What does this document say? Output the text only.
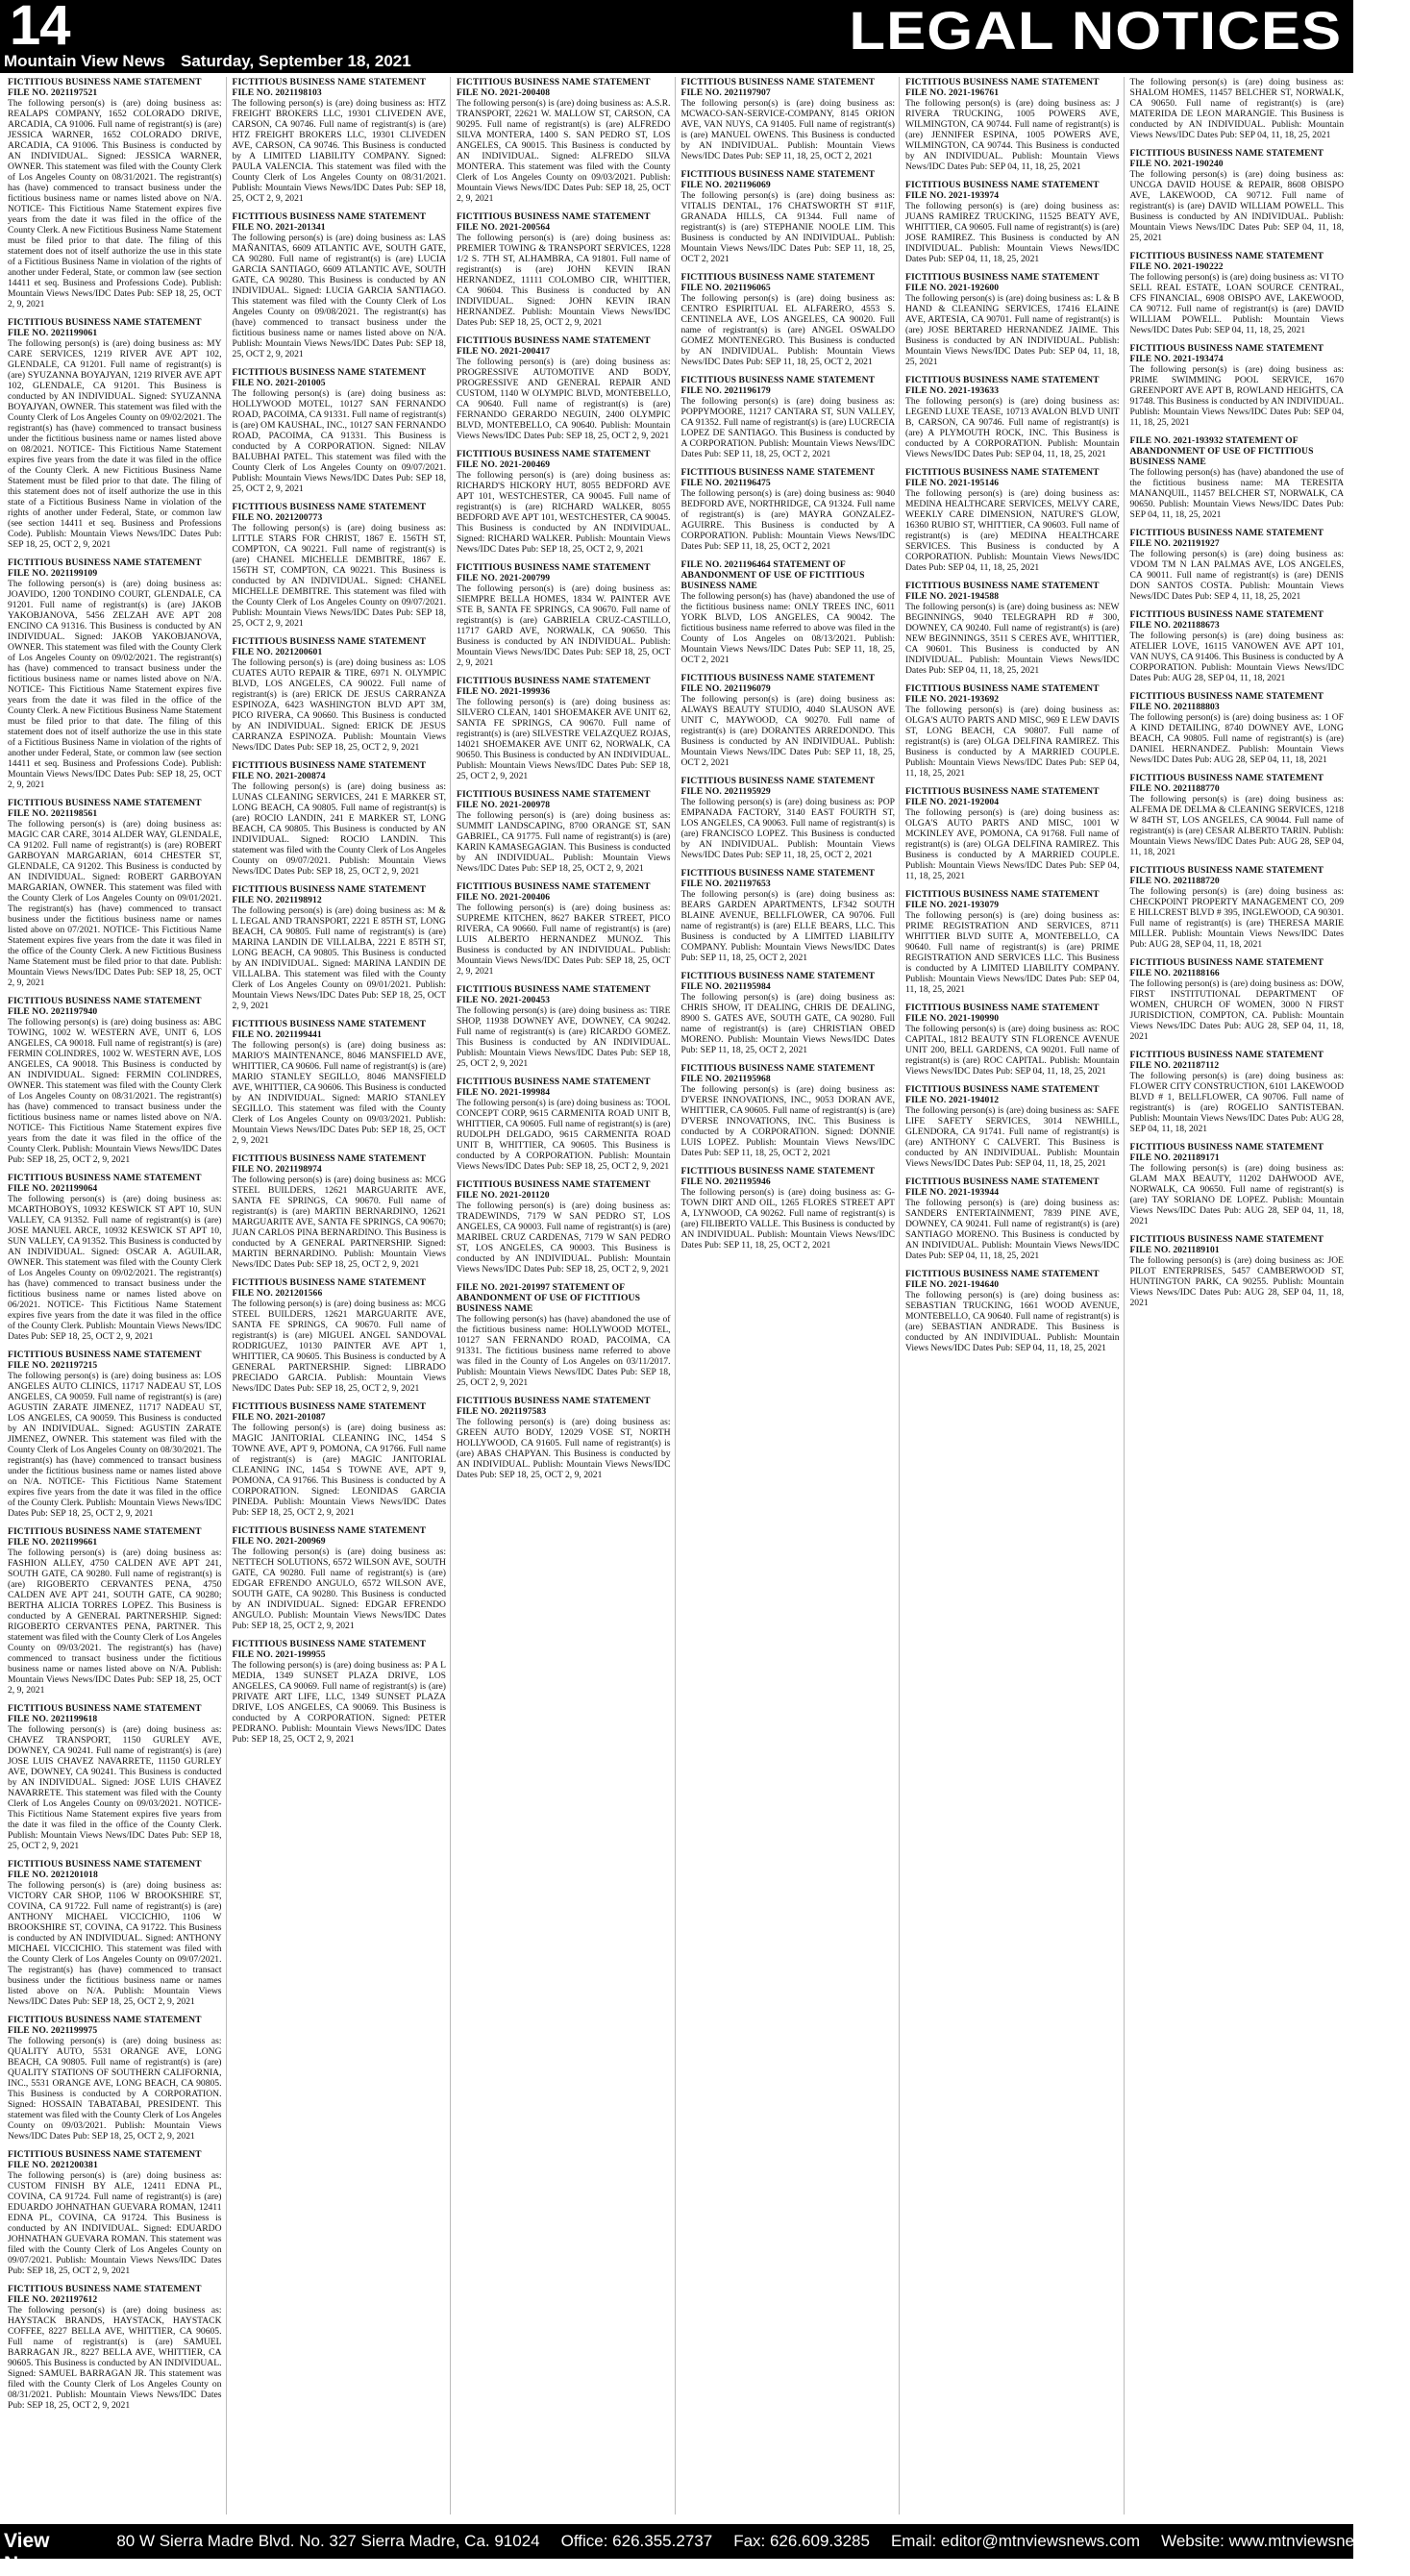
14	LEGAL NOTICES
Mountain View News Saturday, September 18, 2021
FICTITIOUS BUSINESS NAME STATEMENT FILE NO. 2021197521
The following person(s) is (are) doing business as: REALAPS COMPANY, 1652 COLORADO DRIVE, ARCADIA, CA 91006. Full name of registrant(s) is (are) JESSICA WARNER, 1652 COLORADO DRIVE, ARCADIA, CA 91006. This Business is conducted by AN INDIVIDUAL. Signed: JESSICA WARNER, OWNER. This statement was filed with the County Clerk of Los Angeles County on 08/31/2021. The registrant(s) has (have) commenced to transact business under the fictitious business name or names listed above on N/A. NOTICE- This Fictitious Name Statement expires five years from the date it was filed in the office of the County Clerk. A new Fictitious Business Name Statement must be filed prior to that date. The filing of this statement does not of itself authorize the use in this state of a Fictitious Business Name in violation of the rights of another under Federal, State, or common law (see section 14411 et seq. Business and Professions Code). Publish: Mountain Views News/IDC Dates Pub: SEP 18, 25, OCT 2, 9, 2021
FICTITIOUS BUSINESS NAME STATEMENT FILE NO. 2021199061
The following person(s) is (are) doing business as: MY CARE SERVICES, 1219 RIVER AVE APT 102, GLENDALE, CA 91201. Full name of registrant(s) is (are) SYUZANNA BOYAJYAN, 1219 RIVER AVE APT 102, GLENDALE, CA 91201. This Business is conducted by AN INDIVIDUAL. Signed: SYUZANNA BOYAJYAN, OWNER. This statement was filed with the County Clerk of Los Angeles County on 09/02/2021. The registrant(s) has (have) commenced to transact business under the fictitious business name or names listed above on 08/2021. NOTICE- This Fictitious Name Statement expires five years from the date it was filed in the office of the County Clerk. A new Fictitious Business Name Statement must be filed prior to that date. The filing of this statement does not of itself authorize the use in this state of a Fictitious Business Name in violation of the rights of another under Federal, State, or common law (see section 14411 et seq. Business and Professions Code). Publish: Mountain Views News/IDC Dates Pub: SEP 18, 25, OCT 2, 9, 2021
FICTITIOUS BUSINESS NAME STATEMENT FILE NO. 2021199109
The following person(s) is (are) doing business as: JOAVIDO, 1200 TONDINO COURT, GLENDALE, CA 91201. Full name of registrant(s) is (are) JAKOB YAKOBJANOVA, 5456 ZELZAH AVE APT 208 ENCINO CA 91316. This Business is conducted by AN INDIVIDUAL. Signed: JAKOB YAKOBJANOVA, OWNER. This statement was filed with the County Clerk of Los Angeles County on 09/02/2021. The registrant(s) has (have) commenced to transact business under the fictitious business name or names listed above on N/A. NOTICE- This Fictitious Name Statement expires five years from the date it was filed in the office of the County Clerk. A new Fictitious Business Name Statement must be filed prior to that date. The filing of this statement does not of itself authorize the use in this state of a Fictitious Business Name in violation of the rights of another under Federal, State, or common law (see section 14411 et seq. Business and Professions Code). Publish: Mountain Views News/IDC Dates Pub: SEP 18, 25, OCT 2, 9, 2021
FICTITIOUS BUSINESS NAME STATEMENT FILE NO. 2021198561
The following person(s) is (are) doing business as: MAGIC CAR CARE, 3014 ALDER WAY, GLENDALE, CA 91202. Full name of registrant(s) is (are) ROBERT GARBOYAN MARGARIAN, 6014 CHESTER ST, GLENDALE, CA 91202. This Business is conducted by AN INDIVIDUAL. Signed: ROBERT GARBOYAN MARGARIAN, OWNER. This statement was filed with the County Clerk of Los Angeles County on 09/01/2021. The registrant(s) has (have) commenced to transact business under the fictitious business name or names listed above on 07/2021. NOTICE- This Fictitious Name Statement expires five years from the date it was filed in the office of the County Clerk. A new Fictitious Business Name Statement must be filed prior to that date. Publish: Mountain Views News/IDC Dates Pub: SEP 18, 25, OCT 2, 9, 2021
FICTITIOUS BUSINESS NAME STATEMENT FILE NO. 2021197940
The following person(s) is (are) doing business as: ABC TOWING, 1002 W. WESTERN AVE, UNIT 6, LOS ANGELES, CA 90018. Full name of registrant(s) is (are) FERMIN COLINDRES, 1002 W. WESTERN AVE, LOS ANGELES, CA 90018. This Business is conducted by AN INDIVIDUAL. Signed: FERMIN COLINDRES, OWNER. This statement was filed with the County Clerk of Los Angeles County on 08/31/2021. The registrant(s) has (have) commenced to transact business under the fictitious business name or names listed above on N/A. NOTICE- This Fictitious Name Statement expires five years from the date it was filed in the office of the County Clerk. Publish: Mountain Views News/IDC Dates Pub: SEP 18, 25, OCT 2, 9, 2021
FICTITIOUS BUSINESS NAME STATEMENT FILE NO. 2021199064
The following person(s) is (are) doing business as: MCARTHOBOYS, 10932 KESWICK ST APT 10, SUN VALLEY, CA 91352. Full name of registrant(s) is (are) JOSE MANUEL ARCE, 10932 KESWICK ST APT 10, SUN VALLEY, CA 91352. This Business is conducted by AN INDIVIDUAL. Signed: OSCAR A. AGUILAR, OWNER. This statement was filed with the County Clerk of Los Angeles County on 09/02/2021. The registrant(s) has (have) commenced to transact business under the fictitious business name or names listed above on 06/2021. NOTICE- This Fictitious Name Statement expires five years from the date it was filed in the office of the County Clerk. Publish: Mountain Views News/IDC Dates Pub: SEP 18, 25, OCT 2, 9, 2021
FICTITIOUS BUSINESS NAME STATEMENT FILE NO. 2021197215
The following person(s) is (are) doing business as: LOS ANGELES AUTO CLINICS, 11717 NADEAU ST, LOS ANGELES, CA 90059. Full name of registrant(s) is (are) AGUSTIN ZARATE JIMENEZ, 11717 NADEAU ST, LOS ANGELES, CA 90059. This Business is conducted by AN INDIVIDUAL. Signed: AGUSTIN ZARATE JIMENEZ, OWNER. This statement was filed with the County Clerk of Los Angeles County on 08/30/2021. The registrant(s) has (have) commenced to transact business under the fictitious business name or names listed above on N/A. NOTICE- This Fictitious Name Statement expires five years from the date it was filed in the office of the County Clerk. Publish: Mountain Views News/IDC Dates Pub: SEP 18, 25, OCT 2, 9, 2021
FICTITIOUS BUSINESS NAME STATEMENT FILE NO. 2021199661
The following person(s) is (are) doing business as: FASHION ALLEY, 4750 CALDEN AVE APT 241, SOUTH GATE, CA 90280. Full name of registrant(s) is (are) RIGOBERTO CERVANTES PENA, 4750 CALDEN AVE APT 241, SOUTH GATE, CA 90280; BERTHA ALICIA TORRES LOPEZ. This Business is conducted by A GENERAL PARTNERSHIP. Signed: RIGOBERTO CERVANTES PENA, PARTNER. This statement was filed with the County Clerk of Los Angeles County on 09/03/2021. The registrant(s) has (have) commenced to transact business under the fictitious business name or names listed above on N/A. Publish: Mountain Views News/IDC Dates Pub: SEP 18, 25, OCT 2, 9, 2021
FICTITIOUS BUSINESS NAME STATEMENT FILE NO. 2021199618
The following person(s) is (are) doing business as: CHAVEZ TRANSPORT, 1150 GURLEY AVE, DOWNEY, CA 90241. Full name of registrant(s) is (are) JOSE LUIS CHAVEZ NAVARRETE, 11150 GURLEY AVE, DOWNEY, CA 90241. This Business is conducted by AN INDIVIDUAL. Signed: JOSE LUIS CHAVEZ NAVARRETE. This statement was filed with the County Clerk of Los Angeles County on 09/03/2021. NOTICE- This Fictitious Name Statement expires five years from the date it was filed in the office of the County Clerk. Publish: Mountain Views News/IDC Dates Pub: SEP 18, 25, OCT 2, 9, 2021
FICTITIOUS BUSINESS NAME STATEMENT FILE NO. 2021201018
The following person(s) is (are) doing business as: VICTORY CAR SHOP, 1106 W BROOKSHIRE ST, COVINA, CA 91722. Full name of registrant(s) is (are) ANTHONY MICHAEL VICCICHIO, 1106 W BROOKSHIRE ST, COVINA, CA 91722. This Business is conducted by AN INDIVIDUAL. Signed: ANTHONY MICHAEL VICCICHIO. This statement was filed with the County Clerk of Los Angeles County on 09/07/2021. The registrant(s) has (have) commenced to transact business under the fictitious business name or names listed above on N/A. Publish: Mountain Views News/IDC Dates Pub: SEP 18, 25, OCT 2, 9, 2021
FICTITIOUS BUSINESS NAME STATEMENT FILE NO. 2021199975
The following person(s) is (are) doing business as: QUALITY AUTO, 5531 ORANGE AVE, LONG BEACH, CA 90805. Full name of registrant(s) is (are) QUALITY STATIONS OF SOUTHERN CALIFORNIA, INC., 5531 ORANGE AVE, LONG BEACH, CA 90805. This Business is conducted by A CORPORATION. Signed: HOSSAIN TABATABAI, PRESIDENT. This statement was filed with the County Clerk of Los Angeles County on 09/03/2021. Publish: Mountain Views News/IDC Dates Pub: SEP 18, 25, OCT 2, 9, 2021
FICTITIOUS BUSINESS NAME STATEMENT FILE NO. 2021200381
The following person(s) is (are) doing business as: CUSTOM FINISH BY ALE, 12411 EDNA PL, COVINA, CA 91724. Full name of registrant(s) is (are) EDUARDO JOHNATHAN GUEVARA ROMAN, 12411 EDNA PL, COVINA, CA 91724. This Business is conducted by AN INDIVIDUAL. Signed: EDUARDO JOHNATHAN GUEVARA ROMAN. This statement was filed with the County Clerk of Los Angeles County on 09/07/2021. Publish: Mountain Views News/IDC Dates Pub: SEP 18, 25, OCT 2, 9, 2021
FICTITIOUS BUSINESS NAME STATEMENT FILE NO. 2021197612
The following person(s) is (are) doing business as: HAYSTACK BRANDS, HAYSTACK, HAYSTACK COFFEE, 8227 BELLA AVE, WHITTIER, CA 90605. Full name of registrant(s) is (are) SAMUEL BARRAGAN JR., 8227 BELLA AVE, WHITTIER, CA 90605. This Business is conducted by AN INDIVIDUAL. Signed: SAMUEL BARRAGAN JR. This statement was filed with the County Clerk of Los Angeles County on 08/31/2021. Publish: Mountain Views News/IDC Dates Pub: SEP 18, 25, OCT 2, 9, 2021
FICTITIOUS BUSINESS NAME STATEMENT FILE NO. 2021198103
The following person(s) is (are) doing business as: HTZ FREIGHT BROKERS LLC, 19301 CLIVEDEN AVE, CARSON, CA 90746. Full name of registrant(s) is (are) HTZ FREIGHT BROKERS LLC, 19301 CLIVEDEN AVE, CARSON, CA 90746. This Business is conducted by A LIMITED LIABILITY COMPANY. Signed: PAULA VALENCIA. This statement was filed with the County Clerk of Los Angeles County on 08/31/2021. Publish: Mountain Views News/IDC Dates Pub: SEP 18, 25, OCT 2, 9, 2021
FICTITIOUS BUSINESS NAME STATEMENT FILE NO. 2021-201341
The following person(s) is (are) doing business as: LAS MAÑANITAS, 6609 ATLANTIC AVE, SOUTH GATE, CA 90280. Full name of registrant(s) is (are) LUCIA GARCIA SANTIAGO, 6609 ATLANTIC AVE, SOUTH GATE, CA 90280. This Business is conducted by AN INDIVIDUAL. Signed: LUCIA GARCIA SANTIAGO. This statement was filed with the County Clerk of Los Angeles County on 09/08/2021. The registrant(s) has (have) commenced to transact business under the fictitious business name or names listed above on N/A. Publish: Mountain Views News/IDC Dates Pub: SEP 18, 25, OCT 2, 9, 2021
FICTITIOUS BUSINESS NAME STATEMENT FILE NO. 2021-201005
The following person(s) is (are) doing business as: HOLLYWOOD MOTEL, 10127 SAN FERNANDO ROAD, PACOIMA, CA 91331. Full name of registrant(s) is (are) OM KAUSHAL, INC., 10127 SAN FERNANDO ROAD, PACOIMA, CA 91331. This Business is conducted by A CORPORATION. Signed: NILAV BALUBHAI PATEL. This statement was filed with the County Clerk of Los Angeles County on 09/07/2021. Publish: Mountain Views News/IDC Dates Pub: SEP 18, 25, OCT 2, 9, 2021
FICTITIOUS BUSINESS NAME STATEMENT FILE NO. 2021200773
The following person(s) is (are) doing business as: LITTLE STARS FOR CHRIST, 1867 E. 156TH ST, COMPTON, CA 90221. Full name of registrant(s) is (are) CHANEL MICHELLE DEMBITRE, 1867 E. 156TH ST, COMPTON, CA 90221. This Business is conducted by AN INDIVIDUAL. Signed: CHANEL MICHELLE DEMBITRE. This statement was filed with the County Clerk of Los Angeles County on 09/07/2021. Publish: Mountain Views News/IDC Dates Pub: SEP 18, 25, OCT 2, 9, 2021
FICTITIOUS BUSINESS NAME STATEMENT FILE NO. 2021200601
The following person(s) is (are) doing business as: LOS CUATES AUTO REPAIR & TIRE, 6971 N. OLYMPIC BLVD, LOS ANGELES, CA 90022. Full name of registrant(s) is (are) ERICK DE JESUS CARRANZA ESPINOZA, 6423 WASHINGTON BLVD APT 3M, PICO RIVERA, CA 90660. This Business is conducted by AN INDIVIDUAL. Signed: ERICK DE JESUS CARRANZA ESPINOZA. Publish: Mountain Views News/IDC Dates Pub: SEP 18, 25, OCT 2, 9, 2021
FICTITIOUS BUSINESS NAME STATEMENT FILE NO. 2021-200874
The following person(s) is (are) doing business as: LUNAS CLEANING SERVICES, 241 E MARKER ST, LONG BEACH, CA 90805. Full name of registrant(s) is (are) ROCIO LANDIN, 241 E MARKER ST, LONG BEACH, CA 90805. This Business is conducted by AN INDIVIDUAL. Signed: ROCIO LANDIN. This statement was filed with the County Clerk of Los Angeles County on 09/07/2021. Publish: Mountain Views News/IDC Dates Pub: SEP 18, 25, OCT 2, 9, 2021
FICTITIOUS BUSINESS NAME STATEMENT FILE NO. 2021198912
The following person(s) is (are) doing business as: M & L LEGAL AND TRANSPORT, 2221 E 85TH ST, LONG BEACH, CA 90805. Full name of registrant(s) is (are) MARINA LANDIN DE VILLALBA, 2221 E 85TH ST, LONG BEACH, CA 90805. This Business is conducted by AN INDIVIDUAL. Signed: MARINA LANDIN DE VILLALBA. This statement was filed with the County Clerk of Los Angeles County on 09/01/2021. Publish: Mountain Views News/IDC Dates Pub: SEP 18, 25, OCT 2, 9, 2021
FICTITIOUS BUSINESS NAME STATEMENT FILE NO. 2021199441
The following person(s) is (are) doing business as: MARIO'S MAINTENANCE, 8046 MANSFIELD AVE, WHITTIER, CA 90606. Full name of registrant(s) is (are) MARIO STANLEY SEGILLO, 8046 MANSFIELD AVE, WHITTIER, CA 90606. This Business is conducted by AN INDIVIDUAL. Signed: MARIO STANLEY SEGILLO. This statement was filed with the County Clerk of Los Angeles County on 09/03/2021. Publish: Mountain Views News/IDC Dates Pub: SEP 18, 25, OCT 2, 9, 2021
FICTITIOUS BUSINESS NAME STATEMENT FILE NO. 2021198974
The following person(s) is (are) doing business as: MCG STEEL BUILDERS, 12621 MARGUARITE AVE, SANTA FE SPRINGS, CA 90670. Full name of registrant(s) is (are) MARTIN BERNARDINO, 12621 MARGUARITE AVE, SANTA FE SPRINGS, CA 90670; JUAN CARLOS PINA BERNARDINO. This Business is conducted by A GENERAL PARTNERSHIP. Signed: MARTIN BERNARDINO. Publish: Mountain Views News/IDC Dates Pub: SEP 18, 25, OCT 2, 9, 2021
FICTITIOUS BUSINESS NAME STATEMENT FILE NO. 2021201566
The following person(s) is (are) doing business as: MCG STEEL BUILDERS, 12621 MARGUARITE AVE, SANTA FE SPRINGS, CA 90670. Full name of registrant(s) is (are) MIGUEL ANGEL SANDOVAL RODRIGUEZ, 10130 PAINTER AVE APT 1, WHITTIER, CA 90605. This Business is conducted by A GENERAL PARTNERSHIP. Signed: LIBRADO PRECIADO GARCIA. Publish: Mountain Views News/IDC Dates Pub: SEP 18, 25, OCT 2, 9, 2021
FICTITIOUS BUSINESS NAME STATEMENT FILE NO. 2021-201087
The following person(s) is (are) doing business as: MAGIC JANITORIAL CLEANING INC, 1454 S TOWNE AVE, APT 9, POMONA, CA 91766. Full name of registrant(s) is (are) MAGIC JANITORIAL CLEANING INC, 1454 S TOWNE AVE, APT 9, POMONA, CA 91766. This Business is conducted by A CORPORATION. Signed: LEONIDAS GARCIA PINEDA. Publish: Mountain Views News/IDC Dates Pub: SEP 18, 25, OCT 2, 9, 2021
FICTITIOUS BUSINESS NAME STATEMENT FILE NO. 2021-200969
The following person(s) is (are) doing business as: NETTECH SOLUTIONS, 6572 WILSON AVE, SOUTH GATE, CA 90280. Full name of registrant(s) is (are) EDGAR EFRENDO ANGULO, 6572 WILSON AVE, SOUTH GATE, CA 90280. This Business is conducted by AN INDIVIDUAL. Signed: EDGAR EFRENDO ANGULO. Publish: Mountain Views News/IDC Dates Pub: SEP 18, 25, OCT 2, 9, 2021
FICTITIOUS BUSINESS NAME STATEMENT FILE NO. 2021-199955
The following person(s) is (are) doing business as: P A L MEDIA, 1349 SUNSET PLAZA DRIVE, LOS ANGELES, CA 90069. Full name of registrant(s) is (are) PRIVATE ART LIFE, LLC, 1349 SUNSET PLAZA DRIVE, LOS ANGELES, CA 90069. This Business is conducted by A CORPORATION. Signed: PETER PEDRANO. Publish: Mountain Views News/IDC Dates Pub: SEP 18, 25, OCT 2, 9, 2021
FICTITIOUS BUSINESS NAME STATEMENT FILE NO. 2021-200408
The following person(s) is (are) doing business as: A.S.R. TRANSPORT, 22621 W. MALLOW ST, CARSON, CA 90295. Full name of registrant(s) is (are) ALFREDO SILVA MONTERA, 1400 S. SAN PEDRO ST, LOS ANGELES, CA 90015. This Business is conducted by AN INDIVIDUAL. Signed: ALFREDO SILVA MONTERA. This statement was filed with the County Clerk of Los Angeles County on 09/03/2021. Publish: Mountain Views News/IDC Dates Pub: SEP 18, 25, OCT 2, 9, 2021
FICTITIOUS BUSINESS NAME STATEMENT FILE NO. 2021-200564
The following person(s) is (are) doing business as: PREMIER TOWING & TRANSPORT SERVICES, 1228 1/2 S. 7TH ST, ALHAMBRA, CA 91801. Full name of registrant(s) is (are) JOHN KEVIN IRAN HERNANDEZ, 11111 COLOMBO CIR, WHITTIER, CA 90604. This Business is conducted by AN INDIVIDUAL. Signed: JOHN KEVIN IRAN HERNANDEZ. Publish: Mountain Views News/IDC Dates Pub: SEP 18, 25, OCT 2, 9, 2021
FICTITIOUS BUSINESS NAME STATEMENT FILE NO. 2021-200417
The following person(s) is (are) doing business as: PROGRESSIVE AUTOMOTIVE AND BODY, PROGRESSIVE AND GENERAL REPAIR AND CUSTOM, 1140 W OLYMPIC BLVD, MONTEBELLO, CA 90640. Full name of registrant(s) is (are) FERNANDO GERARDO NEGUIN, 2400 OLYMPIC BLVD, MONTEBELLO, CA 90640. Publish: Mountain Views News/IDC Dates Pub: SEP 18, 25, OCT 2, 9, 2021
FICTITIOUS BUSINESS NAME STATEMENT FILE NO. 2021-200469
The following person(s) is (are) doing business as: RICHARD'S HICKORY HUT, 8055 BEDFORD AVE APT 101, WESTCHESTER, CA 90045. Full name of registrant(s) is (are) RICHARD WALKER, 8055 BEDFORD AVE APT 101, WESTCHESTER, CA 90045. This Business is conducted by AN INDIVIDUAL. Signed: RICHARD WALKER. Publish: Mountain Views News/IDC Dates Pub: SEP 18, 25, OCT 2, 9, 2021
FICTITIOUS BUSINESS NAME STATEMENT FILE NO. 2021-200799
The following person(s) is (are) doing business as: SIEMPRE BELLA HOMES, 1834 W. PAINTER AVE STE B, SANTA FE SPRINGS, CA 90670. Full name of registrant(s) is (are) GABRIELA CRUZ-CASTILLO, 11717 GARD AVE, NORWALK, CA 90650. This Business is conducted by AN INDIVIDUAL. Publish: Mountain Views News/IDC Dates Pub: SEP 18, 25, OCT 2, 9, 2021
FICTITIOUS BUSINESS NAME STATEMENT FILE NO. 2021-199936
The following person(s) is (are) doing business as: SILVERO CLEAN, 1401 SHOEMAKER AVE UNIT 62, SANTA FE SPRINGS, CA 90670. Full name of registrant(s) is (are) SILVESTRE VELAZQUEZ ROJAS, 14021 SHOEMAKER AVE UNIT 62, NORWALK, CA 90650. This Business is conducted by AN INDIVIDUAL. Publish: Mountain Views News/IDC Dates Pub: SEP 18, 25, OCT 2, 9, 2021
FICTITIOUS BUSINESS NAME STATEMENT FILE NO. 2021-200978
The following person(s) is (are) doing business as: SUMMIT LANDSCAPING, 8700 ORANGE ST, SAN GABRIEL, CA 91775. Full name of registrant(s) is (are) KARIN KAMASEGAGIAN. This Business is conducted by AN INDIVIDUAL. Publish: Mountain Views News/IDC Dates Pub: SEP 18, 25, OCT 2, 9, 2021
FICTITIOUS BUSINESS NAME STATEMENT FILE NO. 2021-200406
The following person(s) is (are) doing business as: SUPREME KITCHEN, 8627 BAKER STREET, PICO RIVERA, CA 90660. Full name of registrant(s) is (are) LUIS ALBERTO HERNANDEZ MUNOZ. This Business is conducted by AN INDIVIDUAL. Publish: Mountain Views News/IDC Dates Pub: SEP 18, 25, OCT 2, 9, 2021
FICTITIOUS BUSINESS NAME STATEMENT FILE NO. 2021-200453
The following person(s) is (are) doing business as: TIRE SHOP, 11938 DOWNEY AVE, DOWNEY, CA 90242. Full name of registrant(s) is (are) RICARDO GOMEZ. This Business is conducted by AN INDIVIDUAL. Publish: Mountain Views News/IDC Dates Pub: SEP 18, 25, OCT 2, 9, 2021
FICTITIOUS BUSINESS NAME STATEMENT FILE NO. 2021-199984
The following person(s) is (are) doing business as: TOOL CONCEPT CORP, 9615 CARMENITA ROAD UNIT B, WHITTIER, CA 90605. Full name of registrant(s) is (are) RUDOLPH DELGADO, 9615 CARMENITA ROAD UNIT B, WHITTIER, CA 90605. This Business is conducted by A CORPORATION. Publish: Mountain Views News/IDC Dates Pub: SEP 18, 25, OCT 2, 9, 2021
FICTITIOUS BUSINESS NAME STATEMENT FILE NO. 2021-201120
The following person(s) is (are) doing business as: TRADEWINDS, 7179 W SAN PEDRO ST, LOS ANGELES, CA 90003. Full name of registrant(s) is (are) MARIBEL CRUZ CARDENAS, 7179 W SAN PEDRO ST, LOS ANGELES, CA 90003. This Business is conducted by AN INDIVIDUAL. Publish: Mountain Views News/IDC Dates Pub: SEP 18, 25, OCT 2, 9, 2021
FILE NO. 2021-201997 STATEMENT OF ABANDONMENT OF USE OF FICTITIOUS BUSINESS NAME
The following person(s) has (have) abandoned the use of the fictitious business name: HOLLYWOOD MOTEL, 10127 SAN FERNANDO ROAD, PACOIMA, CA 91331. The fictitious business name referred to above was filed in the County of Los Angeles on 03/11/2017. Publish: Mountain Views News/IDC Dates Pub: SEP 18, 25, OCT 2, 9, 2021
FICTITIOUS BUSINESS NAME STATEMENT FILE NO. 2021197583
The following person(s) is (are) doing business as: GREEN AUTO BODY, 12029 VOSE ST, NORTH HOLLYWOOD, CA 91605. Full name of registrant(s) is (are) ABAS CHAPYAN. This Business is conducted by AN INDIVIDUAL. Publish: Mountain Views News/IDC Dates Pub: SEP 18, 25, OCT 2, 9, 2021
FICTITIOUS BUSINESS NAME STATEMENT FILE NO. 2021197907
The following person(s) is (are) doing business as: MCWACO-SAN-SERVICE-COMPANY, 8145 ORION AVE, VAN NUYS, CA 91405. Full name of registrant(s) is (are) MANUEL OWENS. This Business is conducted by AN INDIVIDUAL. Publish: Mountain Views News/IDC Dates Pub: SEP 11, 18, 25, OCT 2, 2021
FICTITIOUS BUSINESS NAME STATEMENT FILE NO. 2021196069
The following person(s) is (are) doing business as: VITALIS DENTAL, 176 CHATSWORTH ST #11F, GRANADA HILLS, CA 91344. Full name of registrant(s) is (are) STEPHANIE NOOLE LIM. This Business is conducted by AN INDIVIDUAL. Publish: Mountain Views News/IDC Dates Pub: SEP 11, 18, 25, OCT 2, 2021
FICTITIOUS BUSINESS NAME STATEMENT FILE NO. 2021196065
The following person(s) is (are) doing business as: CENTRO ESPIRITUAL EL ALFARERO, 4553 S. CENTINELA AVE, LOS ANGELES, CA 90020. Full name of registrant(s) is (are) ANGEL OSWALDO GOMEZ MONTENEGRO. This Business is conducted by AN INDIVIDUAL. Publish: Mountain Views News/IDC Dates Pub: SEP 11, 18, 25, OCT 2, 2021
FICTITIOUS BUSINESS NAME STATEMENT FILE NO. 2021196179
The following person(s) is (are) doing business as: POPPYMOORE, 11217 CANTARA ST, SUN VALLEY, CA 91352. Full name of registrant(s) is (are) LUCRECIA LOPEZ DE SANTIAGO. This Business is conducted by A CORPORATION. Publish: Mountain Views News/IDC Dates Pub: SEP 11, 18, 25, OCT 2, 2021
FICTITIOUS BUSINESS NAME STATEMENT FILE NO. 2021196475
The following person(s) is (are) doing business as: 9040 BEDFORD AVE, NORTHRIDGE, CA 91324. Full name of registrant(s) is (are) MAYRA GONZALEZ-AGUIRRE. This Business is conducted by A CORPORATION. Publish: Mountain Views News/IDC Dates Pub: SEP 11, 18, 25, OCT 2, 2021
FILE NO. 2021196464 STATEMENT OF ABANDONMENT OF USE OF FICTITIOUS BUSINESS NAME
The following person(s) has (have) abandoned the use of the fictitious business name: ONLY TREES INC, 6011 YORK BLVD, LOS ANGELES, CA 90042. The fictitious business name referred to above was filed in the County of Los Angeles on 08/13/2021. Publish: Mountain Views News/IDC Dates Pub: SEP 11, 18, 25, OCT 2, 2021
FICTITIOUS BUSINESS NAME STATEMENT FILE NO. 2021196079
The following person(s) is (are) doing business as: ALWAYS BEAUTY STUDIO, 4040 SLAUSON AVE UNIT C, MAYWOOD, CA 90270. Full name of registrant(s) is (are) DORANTES ARREDONDO. This Business is conducted by AN INDIVIDUAL. Publish: Mountain Views News/IDC Dates Pub: SEP 11, 18, 25, OCT 2, 2021
FICTITIOUS BUSINESS NAME STATEMENT FILE NO. 2021195929
The following person(s) is (are) doing business as: POP EMPANADA FACTORY, 3140 EAST FOURTH ST, LOS ANGELES, CA 90063. Full name of registrant(s) is (are) FRANCISCO LOPEZ. This Business is conducted by AN INDIVIDUAL. Publish: Mountain Views News/IDC Dates Pub: SEP 11, 18, 25, OCT 2, 2021
FICTITIOUS BUSINESS NAME STATEMENT FILE NO. 2021197653
The following person(s) is (are) doing business as: BEARS GARDEN APARTMENTS, LF342 SOUTH BLAINE AVENUE, BELLFLOWER, CA 90706. Full name of registrant(s) is (are) ELLE BEARS, LLC. This Business is conducted by A LIMITED LIABILITY COMPANY. Publish: Mountain Views News/IDC Dates Pub: SEP 11, 18, 25, OCT 2, 2021
FICTITIOUS BUSINESS NAME STATEMENT FILE NO. 2021195984
The following person(s) is (are) doing business as: CHRIS SHOW, IT DEALING, CHRIS DE DEALING, 8900 S. GATES AVE, SOUTH GATE, CA 90280. Full name of registrant(s) is (are) CHRISTIAN OBED MORENO. Publish: Mountain Views News/IDC Dates Pub: SEP 11, 18, 25, OCT 2, 2021
FICTITIOUS BUSINESS NAME STATEMENT FILE NO. 2021195968
The following person(s) is (are) doing business as: D'VERSE INNOVATIONS, INC., 9053 DORAN AVE, WHITTIER, CA 90605. Full name of registrant(s) is (are) D'VERSE INNOVATIONS, INC. This Business is conducted by A CORPORATION. Signed: DONNIE LUIS LOPEZ. Publish: Mountain Views News/IDC Dates Pub: SEP 11, 18, 25, OCT 2, 2021
FICTITIOUS BUSINESS NAME STATEMENT FILE NO. 2021195946
The following person(s) is (are) doing business as: G-TOWN DIRT AND OIL, 1265 FLORES STREET APT A, LYNWOOD, CA 90262. Full name of registrant(s) is (are) FILIBERTO VALLE. This Business is conducted by AN INDIVIDUAL. Publish: Mountain Views News/IDC Dates Pub: SEP 11, 18, 25, OCT 2, 2021
FICTITIOUS BUSINESS NAME STATEMENT FILE NO. 2021-196761
The following person(s) is (are) doing business as: J RIVERA TRUCKING, 1005 POWERS AVE, WILMINGTON, CA 90744. Full name of registrant(s) is (are) JENNIFER ESPINA, 1005 POWERS AVE, WILMINGTON, CA 90744. This Business is conducted by AN INDIVIDUAL. Publish: Mountain Views News/IDC Dates Pub: SEP 04, 11, 18, 25, 2021
FICTITIOUS BUSINESS NAME STATEMENT FILE NO. 2021-193974
The following person(s) is (are) doing business as: JUANS RAMIREZ TRUCKING, 11525 BEATY AVE, WHITTIER, CA 90605. Full name of registrant(s) is (are) JOSE RAMIREZ. This Business is conducted by AN INDIVIDUAL. Publish: Mountain Views News/IDC Dates Pub: SEP 04, 11, 18, 25, 2021
FICTITIOUS BUSINESS NAME STATEMENT FILE NO. 2021-192600
The following person(s) is (are) doing business as: L & B HAND & CLEANING SERVICES, 17416 ELAINE AVE, ARTESIA, CA 90701. Full name of registrant(s) is (are) JOSE BERTARED HERNANDEZ JAIME. This Business is conducted by AN INDIVIDUAL. Publish: Mountain Views News/IDC Dates Pub: SEP 04, 11, 18, 25, 2021
FICTITIOUS BUSINESS NAME STATEMENT FILE NO. 2021-193633
The following person(s) is (are) doing business as: LEGEND LUXE TEASE, 10713 AVALON BLVD UNIT B, CARSON, CA 90746. Full name of registrant(s) is (are) A PLYMOUTH ROCK, INC. This Business is conducted by A CORPORATION. Publish: Mountain Views News/IDC Dates Pub: SEP 04, 11, 18, 25, 2021
FICTITIOUS BUSINESS NAME STATEMENT FILE NO. 2021-195146
The following person(s) is (are) doing business as: MEDINA HEALTHCARE SERVICES, MELVY CARE, WEEKLY CARE DIMENSION, NATURE'S GLOW, 16360 RUBIO ST, WHITTIER, CA 90603. Full name of registrant(s) is (are) MEDINA HEALTHCARE SERVICES. This Business is conducted by A CORPORATION. Publish: Mountain Views News/IDC Dates Pub: SEP 04, 11, 18, 25, 2021
FICTITIOUS BUSINESS NAME STATEMENT FILE NO. 2021-194588
The following person(s) is (are) doing business as: NEW BEGINNINGS, 9040 TELEGRAPH RD # 300, DOWNEY, CA 90240. Full name of registrant(s) is (are) NEW BEGINNINGS, 3511 S CERES AVE, WHITTIER, CA 90601. This Business is conducted by AN INDIVIDUAL. Publish: Mountain Views News/IDC Dates Pub: SEP 04, 11, 18, 25, 2021
FICTITIOUS BUSINESS NAME STATEMENT FILE NO. 2021-193692
The following person(s) is (are) doing business as: OLGA'S AUTO PARTS AND MISC, 969 E LEW DAVIS ST, LONG BEACH, CA 90807. Full name of registrant(s) is (are) OLGA DELFINA RAMIREZ. This Business is conducted by A MARRIED COUPLE. Publish: Mountain Views News/IDC Dates Pub: SEP 04, 11, 18, 25, 2021
FICTITIOUS BUSINESS NAME STATEMENT FILE NO. 2021-192004
The following person(s) is (are) doing business as: OLGA'S AUTO PARTS AND MISC, 1001 W MCKINLEY AVE, POMONA, CA 91768. Full name of registrant(s) is (are) OLGA DELFINA RAMIREZ. This Business is conducted by A MARRIED COUPLE. Publish: Mountain Views News/IDC Dates Pub: SEP 04, 11, 18, 25, 2021
FICTITIOUS BUSINESS NAME STATEMENT FILE NO. 2021-193079
The following person(s) is (are) doing business as: PRIME REGISTRATION AND SERVICES, 8711 WHITTIER BLVD SUITE A, MONTEBELLO, CA 90640. Full name of registrant(s) is (are) PRIME REGISTRATION AND SERVICES LLC. This Business is conducted by A LIMITED LIABILITY COMPANY. Publish: Mountain Views News/IDC Dates Pub: SEP 04, 11, 18, 25, 2021
FICTITIOUS BUSINESS NAME STATEMENT FILE NO. 2021-190990
The following person(s) is (are) doing business as: ROC CAPITAL, 1812 BEAUTY STN FLORENCE AVENUE UNIT 200, BELL GARDENS, CA 90201. Full name of registrant(s) is (are) ROC CAPITAL. Publish: Mountain Views News/IDC Dates Pub: SEP 04, 11, 18, 25, 2021
FICTITIOUS BUSINESS NAME STATEMENT FILE NO. 2021-194012
The following person(s) is (are) doing business as: SAFE LIFE SAFETY SERVICES, 3014 NEWHILL, GLENDORA, CA 91741. Full name of registrant(s) is (are) ANTHONY C CALVERT. This Business is conducted by AN INDIVIDUAL. Publish: Mountain Views News/IDC Dates Pub: SEP 04, 11, 18, 25, 2021
FICTITIOUS BUSINESS NAME STATEMENT FILE NO. 2021-193944
The following person(s) is (are) doing business as: SANDERS ENTERTAINMENT, 7839 PINE AVE, DOWNEY, CA 90241. Full name of registrant(s) is (are) SANTIAGO MORENO. This Business is conducted by AN INDIVIDUAL. Publish: Mountain Views News/IDC Dates Pub: SEP 04, 11, 18, 25, 2021
FICTITIOUS BUSINESS NAME STATEMENT FILE NO. 2021-194640
The following person(s) is (are) doing business as: SEBASTIAN TRUCKING, 1661 WOOD AVENUE, MONTEBELLO, CA 90640. Full name of registrant(s) is (are) SEBASTIAN ANDRADE. This Business is conducted by AN INDIVIDUAL. Publish: Mountain Views News/IDC Dates Pub: SEP 04, 11, 18, 25, 2021
The following person(s) is (are) doing business as: SHALOM HOMES, 11457 BELCHER ST, NORWALK, CA 90650. Full name of registrant(s) is (are) MATERIDA DE LEON MARANGIE. This Business is conducted by AN INDIVIDUAL. Publish: Mountain Views News/IDC Dates Pub: SEP 04, 11, 18, 25, 2021
FICTITIOUS BUSINESS NAME STATEMENT FILE NO. 2021-190240
The following person(s) is (are) doing business as: UNCGA DAVID HOUSE & REPAIR, 8608 OBISPO AVE, LAKEWOOD, CA 90712. Full name of registrant(s) is (are) DAVID WILLIAM POWELL. This Business is conducted by AN INDIVIDUAL. Publish: Mountain Views News/IDC Dates Pub: SEP 04, 11, 18, 25, 2021
FICTITIOUS BUSINESS NAME STATEMENT FILE NO. 2021-190222
The following person(s) is (are) doing business as: VI TO SELL REAL ESTATE, LOAN SOURCE CENTRAL, CFS FINANCIAL, 6908 OBISPO AVE, LAKEWOOD, CA 90712. Full name of registrant(s) is (are) DAVID WILLIAM POWELL. Publish: Mountain Views News/IDC Dates Pub: SEP 04, 11, 18, 25, 2021
FICTITIOUS BUSINESS NAME STATEMENT FILE NO. 2021-193474
The following person(s) is (are) doing business as: PRIME SWIMMING POOL SERVICE, 1670 GREENPORT AVE APT B, ROWLAND HEIGHTS, CA 91748. This Business is conducted by AN INDIVIDUAL. Publish: Mountain Views News/IDC Dates Pub: SEP 04, 11, 18, 25, 2021
FILE NO. 2021-193932 STATEMENT OF ABANDONMENT OF USE OF FICTITIOUS BUSINESS NAME
The following person(s) has (have) abandoned the use of the fictitious business name: MA TERESITA MANANQUIL, 11457 BELCHER ST, NORWALK, CA 90650. Publish: Mountain Views News/IDC Dates Pub: SEP 04, 11, 18, 25, 2021
FICTITIOUS BUSINESS NAME STATEMENT FILE NO. 2021191927
The following person(s) is (are) doing business as: VDOM TM N LAN PALMAS AVE, LOS ANGELES, CA 90011. Full name of registrant(s) is (are) DENIS DON SANTOS COSTA. Publish: Mountain Views News/IDC Dates Pub: SEP 4, 11, 18, 25, 2021
FICTITIOUS BUSINESS NAME STATEMENT FILE NO. 2021188673
The following person(s) is (are) doing business as: ATELIER LOVE, 16115 VANOWEN AVE APT 101, VAN NUYS, CA 91406. This Business is conducted by A CORPORATION. Publish: Mountain Views News/IDC Dates Pub: AUG 28, SEP 04, 11, 18, 2021
FICTITIOUS BUSINESS NAME STATEMENT FILE NO. 2021188803
The following person(s) is (are) doing business as: 1 OF A KIND DETAILING, 8740 DOWNEY AVE, LONG BEACH, CA 90805. Full name of registrant(s) is (are) DANIEL HERNANDEZ. Publish: Mountain Views News/IDC Dates Pub: AUG 28, SEP 04, 11, 18, 2021
FICTITIOUS BUSINESS NAME STATEMENT FILE NO. 2021188770
The following person(s) is (are) doing business as: ALFEMA DE DELMA & CLEANING SERVICES, 1218 W 84TH ST, LOS ANGELES, CA 90044. Full name of registrant(s) is (are) CESAR ALBERTO TARIN. Publish: Mountain Views News/IDC Dates Pub: AUG 28, SEP 04, 11, 18, 2021
FICTITIOUS BUSINESS NAME STATEMENT FILE NO. 2021188720
The following person(s) is (are) doing business as: CHECKPOINT PROPERTY MANAGEMENT CO, 209 E HILLCREST BLVD # 395, INGLEWOOD, CA 90301. Full name of registrant(s) is (are) THERESA MARIE MILLER. Publish: Mountain Views News/IDC Dates Pub: AUG 28, SEP 04, 11, 18, 2021
FICTITIOUS BUSINESS NAME STATEMENT FILE NO. 2021188166
The following person(s) is (are) doing business as: DOW, FIRST INSTITUTIONAL DEPARTMENT OF WOMEN, CHURCH OF WOMEN, 3000 N FIRST JURISDICTION, COMPTON, CA. Publish: Mountain Views News/IDC Dates Pub: AUG 28, SEP 04, 11, 18, 2021
FICTITIOUS BUSINESS NAME STATEMENT FILE NO. 2021187112
The following person(s) is (are) doing business as: FLOWER CITY CONSTRUCTION, 6101 LAKEWOOD BLVD # 1, BELLFLOWER, CA 90706. Full name of registrant(s) is (are) ROGELIO SANTISTEBAN. Publish: Mountain Views News/IDC Dates Pub: AUG 28, SEP 04, 11, 18, 2021
FICTITIOUS BUSINESS NAME STATEMENT FILE NO. 2021189171
The following person(s) is (are) doing business as: GLAM MAX BEAUTY, 11202 DAHWOOD AVE, NORWALK, CA 90650. Full name of registrant(s) is (are) TAY SORIANO DE LOPEZ. Publish: Mountain Views News/IDC Dates Pub: AUG 28, SEP 04, 11, 18, 2021
FICTITIOUS BUSINESS NAME STATEMENT FILE NO. 2021189101
The following person(s) is (are) doing business as: JOE PILOT ENTERPRISES, 5457 CAMBERWOOD ST, HUNTINGTON PARK, CA 90255. Publish: Mountain Views News/IDC Dates Pub: AUG 28, SEP 04, 11, 18, 2021
Mountain View News
80 W Sierra Madre Blvd. No. 327 Sierra Madre, Ca. 91024 Office: 626.355.2737 Fax: 626.609.3285 Email: editor@mtnviewsnews.com Website: www.mtnviewsnews.com
